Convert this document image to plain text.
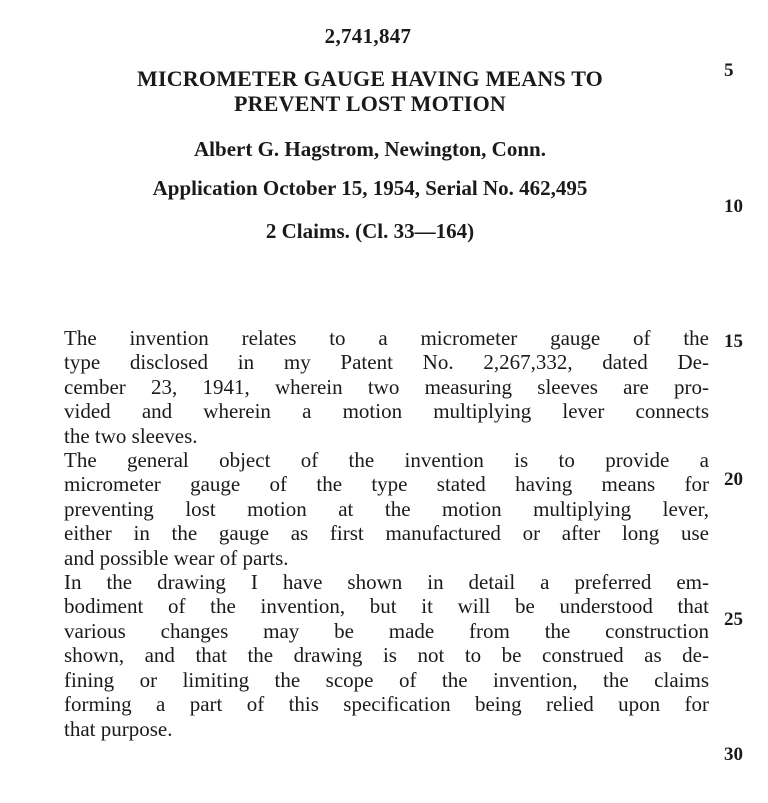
2,741,847
MICROMETER GAUGE HAVING MEANS TO
PREVENT LOST MOTION
Albert G. Hagstrom, Newington, Conn.
Application October 15, 1954, Serial No. 462,495
2 Claims. (Cl. 33—164)
5
10
15
20
25
30
The invention relates to a micrometer gauge of the
type disclosed in my Patent No. 2,267,332, dated De-
cember 23, 1941, wherein two measuring sleeves are pro-
vided and wherein a motion multiplying lever connects
the two sleeves.
The general object of the invention is to provide a
micrometer gauge of the type stated having means for
preventing lost motion at the motion multiplying lever,
either in the gauge as first manufactured or after long use
and possible wear of parts.
In the drawing I have shown in detail a preferred em-
bodiment of the invention, but it will be understood that
various changes may be made from the construction
shown, and that the drawing is not to be construed as de-
fining or limiting the scope of the invention, the claims
forming a part of this specification being relied upon for
that purpose.
